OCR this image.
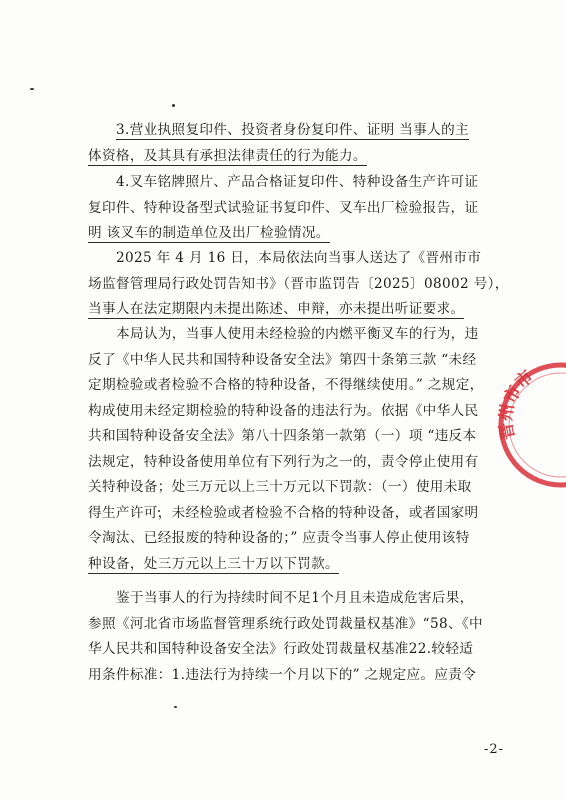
3.营业执照复印件、投资者身份复印件、证明 当事人的主
体资格，及其具有承担法律责任的行为能力。
4.叉车铭牌照片、产品合格证复印件、特种设备生产许可证
复印件、特种设备型式试验证书复印件、叉车出厂检验报告，证
明 该叉车的制造单位及出厂检验情况。
2025 年 4 月 16 日，本局依法向当事人送达了《晋州市市
场监督管理局行政处罚告知书》（晋市监罚告〔2025〕08002 号），
当事人在法定期限内未提出陈述、申辩，亦未提出听证要求。
本局认为，当事人使用未经检验的内燃平衡叉车的行为，违
反了《中华人民共和国特种设备安全法》第四十条第三款 “未经
定期检验或者检验不合格的特种设备，不得继续使用。” 之规定，
构成使用未经定期检验的特种设备的违法行为。依据《中华人民
共和国特种设备安全法》第八十四条第一款第（一）项 “违反本
法规定，特种设备使用单位有下列行为之一的，责令停止使用有
关特种设备；处三万元以上三十万元以下罚款：（一）使用未取
得生产许可，未经检验或者检验不合格的特种设备，或者国家明
令淘汰、已经报废的特种设备的；” 应责令当事人停止使用该特
种设备，处三万元以上三十万以下罚款。
鉴于当事人的行为持续时间不足1个月且未造成危害后果，
参照《河北省市场监督管理系统行政处罚裁量权基准》“58、《中
华人民共和国特种设备安全法》行政处罚裁量权基准22.较轻适
用条件标准：1.违法行为持续一个月以下的” 之规定应。应责令
晋州市市
-2-
